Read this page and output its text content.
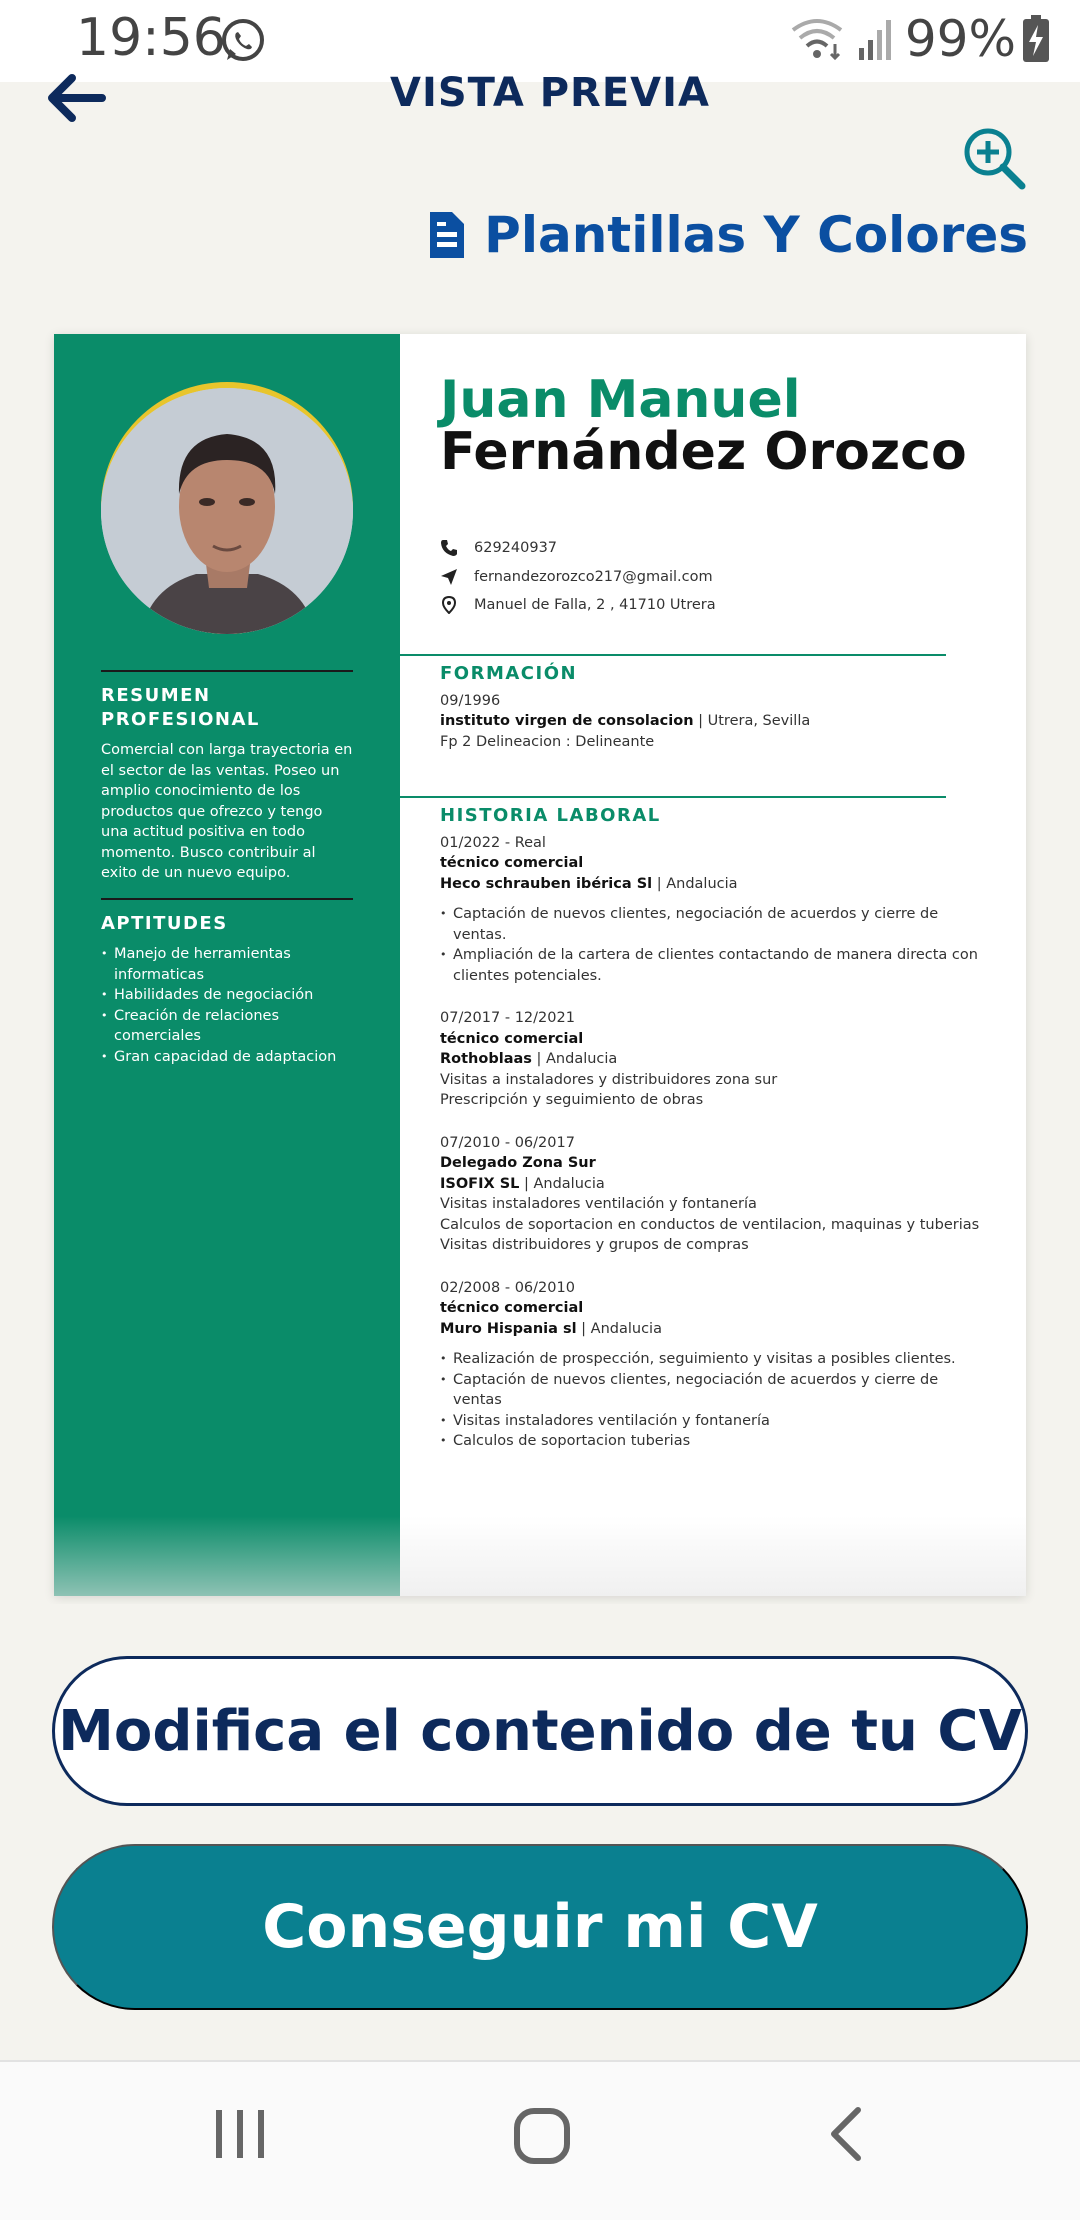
19:56	99%
VISTA PREVIA
Plantillas Y Colores
RESUMEN
PROFESIONAL
Comercial con larga trayectoria en el sector de las ventas. Poseo un amplio conocimiento de los productos que ofrezco y tengo una actitud positiva en todo momento. Busco contribuir al exito de un nuevo equipo.
APTITUDES
• Manejo de herramientas informaticas
• Habilidades de negociación
• Creación de relaciones comerciales
• Gran capacidad de adaptacion
Juan Manuel
Fernández Orozco
629240937
fernandezorozco217@gmail.com
Manuel de Falla, 2 , 41710 Utrera
FORMACIÓN
09/1996
instituto virgen de consolacion | Utrera, Sevilla
Fp 2 Delineacion : Delineante
HISTORIA LABORAL
01/2022 - Real
técnico comercial
Heco schrauben ibérica Sl | Andalucia
• Captación de nuevos clientes, negociación de acuerdos y cierre de ventas.
• Ampliación de la cartera de clientes contactando de manera directa con clientes potenciales.
07/2017 - 12/2021
técnico comercial
Rothoblaas | Andalucia
Visitas a instaladores y distribuidores zona sur
Prescripción y seguimiento de obras
07/2010 - 06/2017
Delegado Zona Sur
ISOFIX SL | Andalucia
Visitas instaladores ventilación y fontanería
Calculos de soportacion en conductos de ventilacion, maquinas y tuberias
Visitas distribuidores y grupos de compras
02/2008 - 06/2010
técnico comercial
Muro Hispania sl | Andalucia
• Realización de prospección, seguimiento y visitas a posibles clientes.
• Captación de nuevos clientes, negociación de acuerdos y cierre de ventas
• Visitas instaladores ventilación y fontanería
• Calculos de soportacion tuberias
Modifica el contenido de tu CV
Conseguir mi CV
